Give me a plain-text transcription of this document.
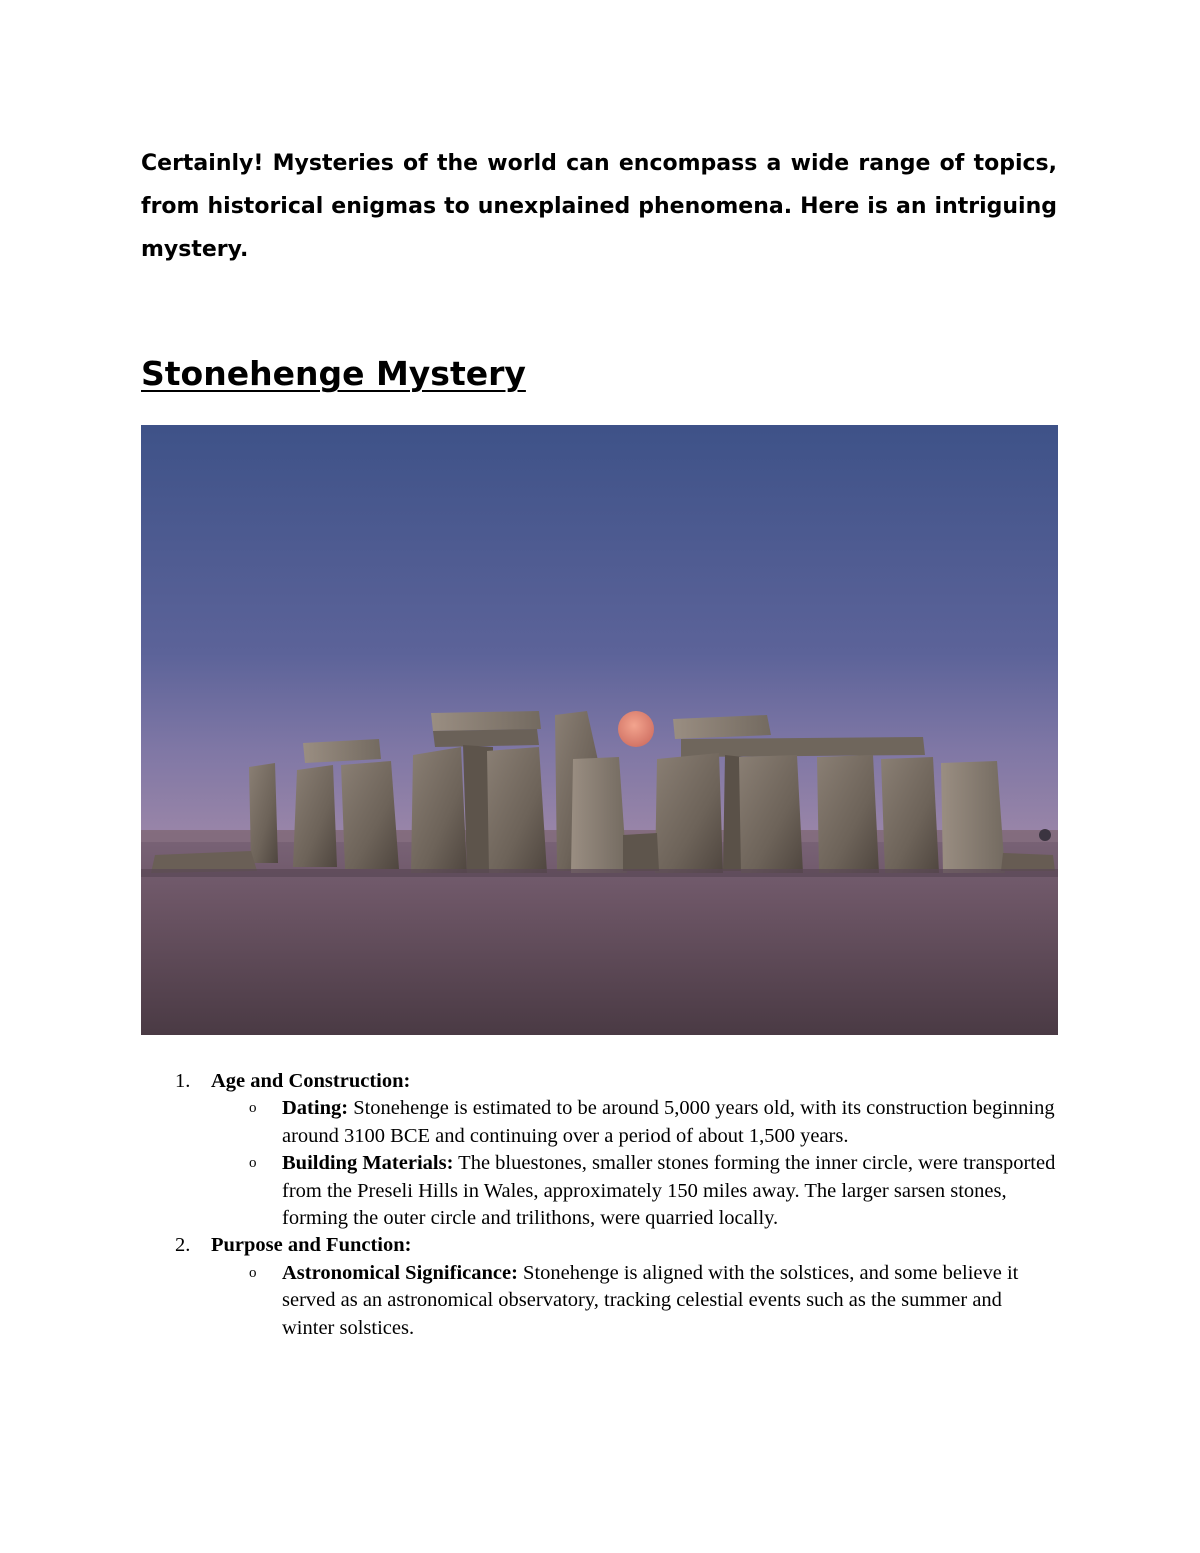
Certainly! Mysteries of the world can encompass a wide range of topics, from historical enigmas to unexplained phenomena. Here is an intriguing mystery.

Stonehenge Mystery
1. Age and Construction:
o Dating: Stonehenge is estimated to be around 5,000 years old, with its construction beginning around 3100 BCE and continuing over a period of about 1,500 years.
o Building Materials: The bluestones, smaller stones forming the inner circle, were transported from the Preseli Hills in Wales, approximately 150 miles away. The larger sarsen stones, forming the outer circle and trilithons, were quarried locally.
2. Purpose and Function:
o Astronomical Significance: Stonehenge is aligned with the solstices, and some believe it served as an astronomical observatory, tracking celestial events such as the summer and winter solstices.
